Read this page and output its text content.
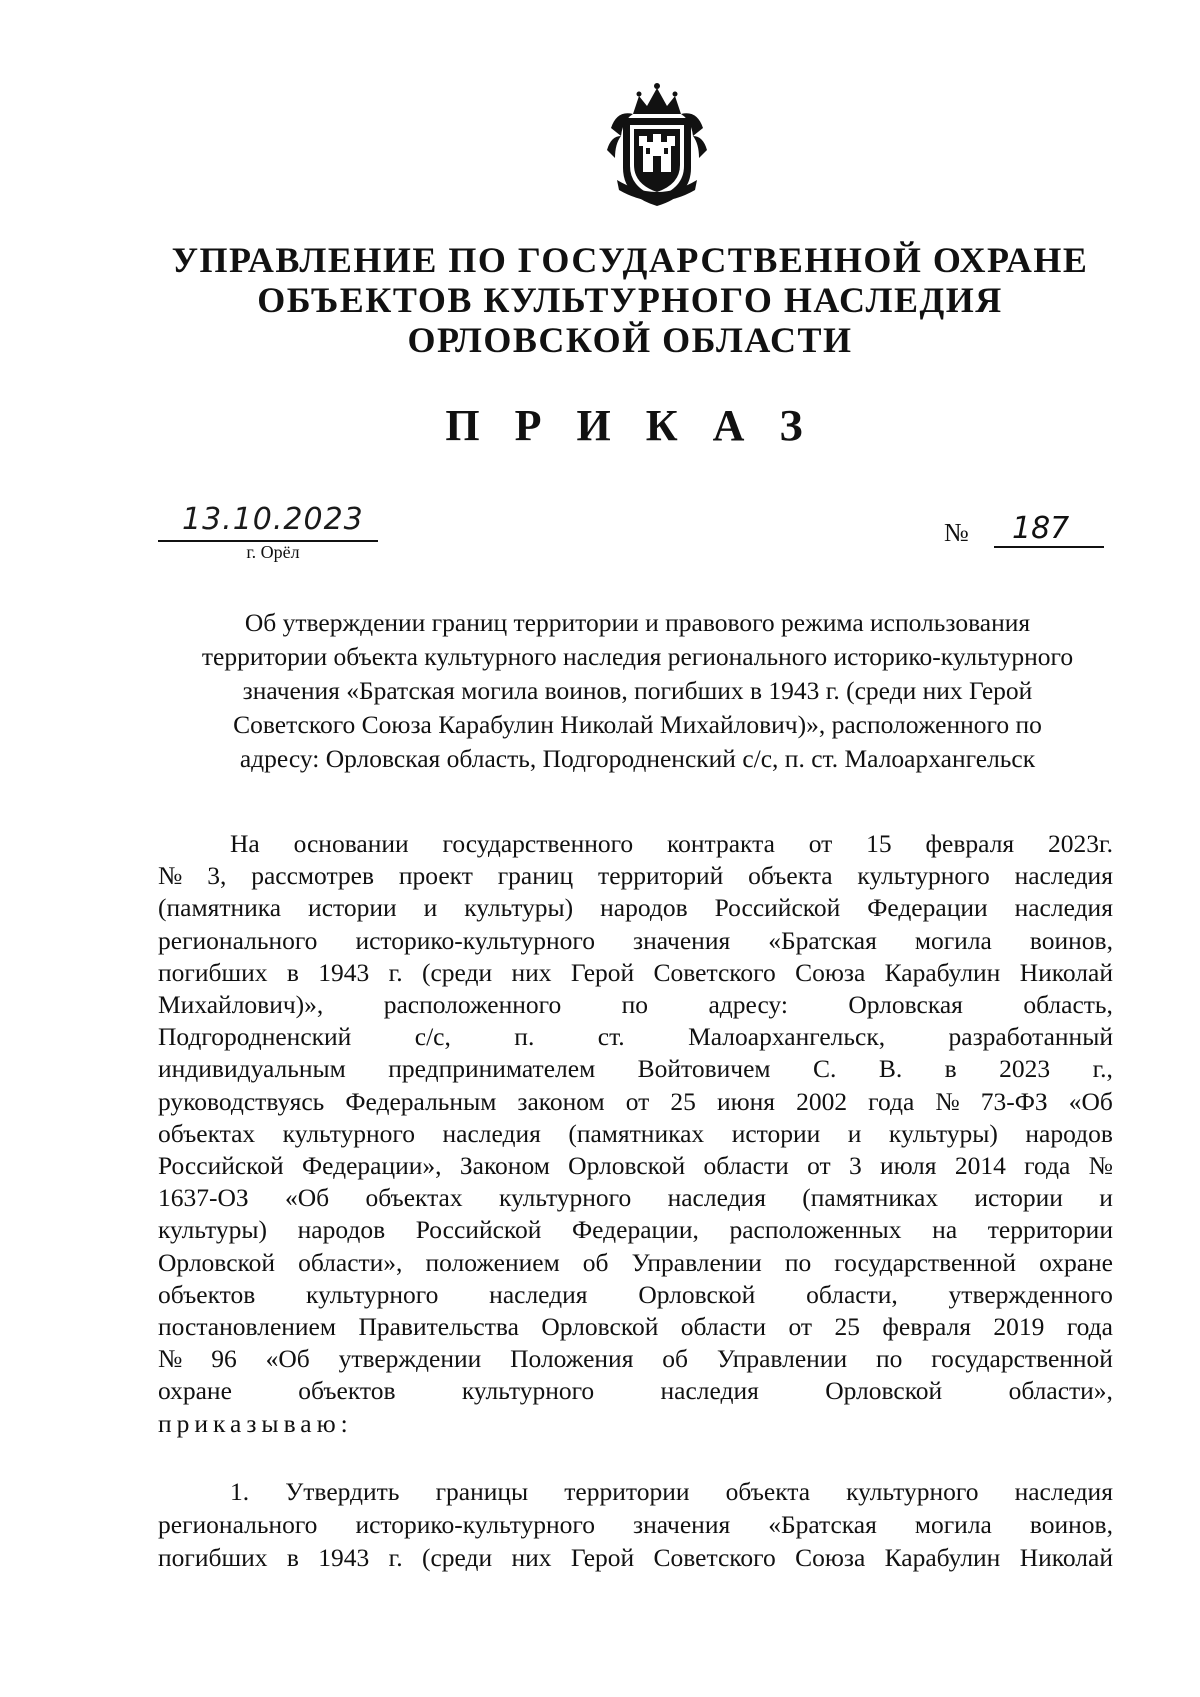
УПРАВЛЕНИЕ ПО ГОСУДАРСТВЕННОЙ ОХРАНЕ
ОБЪЕКТОВ КУЛЬТУРНОГО НАСЛЕДИЯ
ОРЛОВСКОЙ ОБЛАСТИ
П Р И К А З
13.10.2023
г. Орёл
№	187
Об утверждении границ территории и правового режима использования
территории объекта культурного наследия регионального историко-культурного
значения «Братская могила воинов, погибших в 1943 г. (среди них Герой
Советского Союза Карабулин Николай Михайлович)», расположенного по
адресу: Орловская область, Подгородненский с/с, п. ст. Малоархангельск
На основании государственного контракта от 15 февраля 2023г.
№ 3, рассмотрев проект границ территорий объекта культурного наследия
(памятника истории и культуры) народов Российской Федерации наследия
регионального историко-культурного значения «Братская могила воинов,
погибших в 1943 г. (среди них Герой Советского Союза Карабулин Николай
Михайлович)», расположенного по адресу: Орловская область,
Подгородненский с/с, п. ст. Малоархангельск, разработанный
индивидуальным предпринимателем Войтовичем С. В. в 2023 г.,
руководствуясь Федеральным законом от 25 июня 2002 года № 73-ФЗ «Об
объектах культурного наследия (памятниках истории и культуры) народов
Российской Федерации», Законом Орловской области от 3 июля 2014 года №
1637-ОЗ «Об объектах культурного наследия (памятниках истории и
культуры) народов Российской Федерации, расположенных на территории
Орловской области», положением об Управлении по государственной охране
объектов культурного наследия Орловской области, утвержденного
постановлением Правительства Орловской области от 25 февраля 2019 года
№ 96 «Об утверждении Положения об Управлении по государственной
охране	объектов	культурного	наследия	Орловской	области»,
приказываю:
1. Утвердить границы территории объекта культурного наследия
регионального историко-культурного значения «Братская могила воинов,
погибших в 1943 г. (среди них Герой Советского Союза Карабулин Николай
